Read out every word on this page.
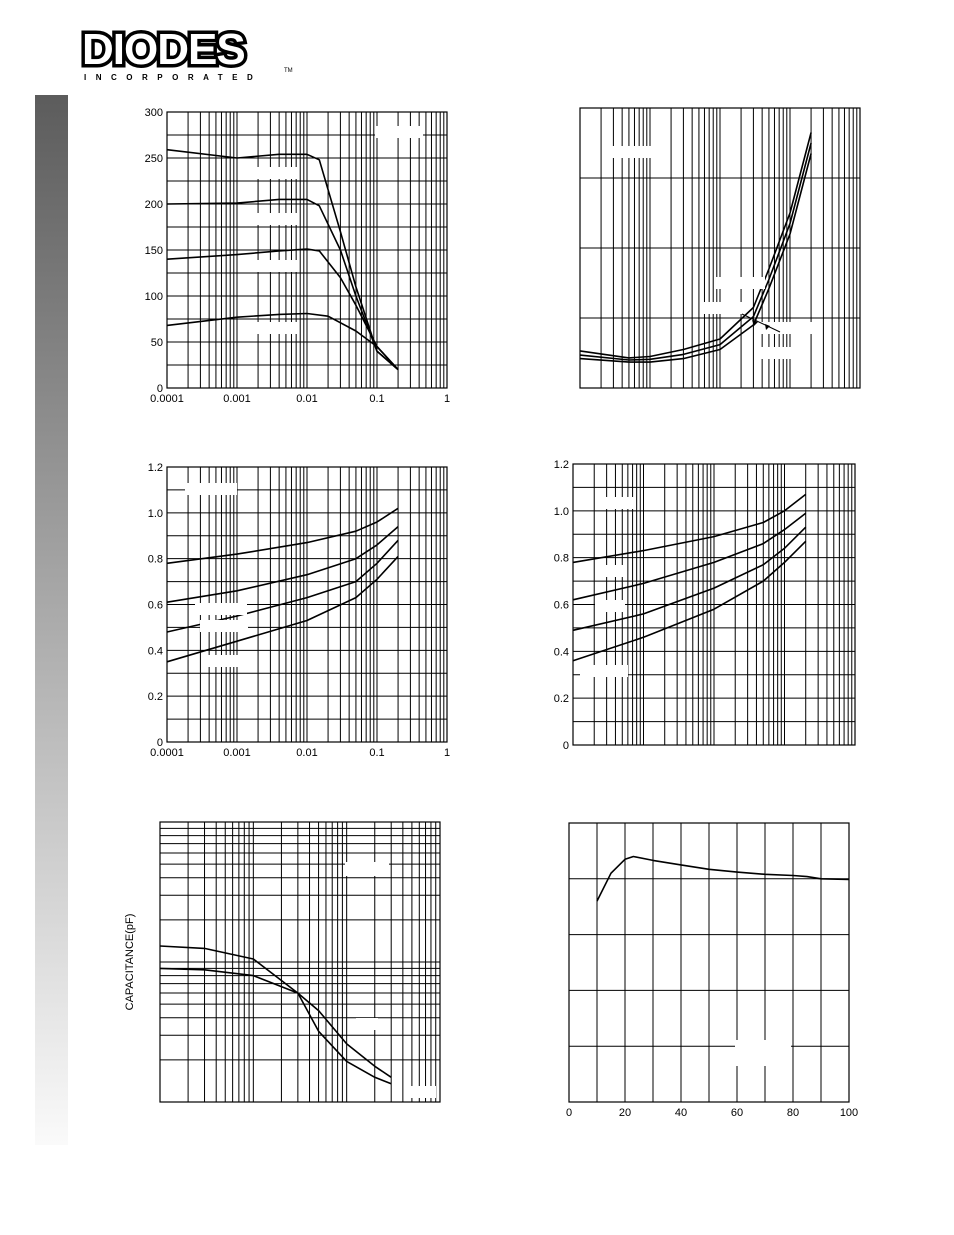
DIODES
INCORPORATED
TM
0.0001	0.001	0.01	0.1	1
0
50
100
150
200
250
300
0.0001	0.001	0.01	0.1	1
0
0.2
0.4
0.6
0.8
1.0
1.2
0
0.2
0.4
0.6
0.8
1.0
1.2
CAPACITANCE(pF)
0	20	40	60	80	100
